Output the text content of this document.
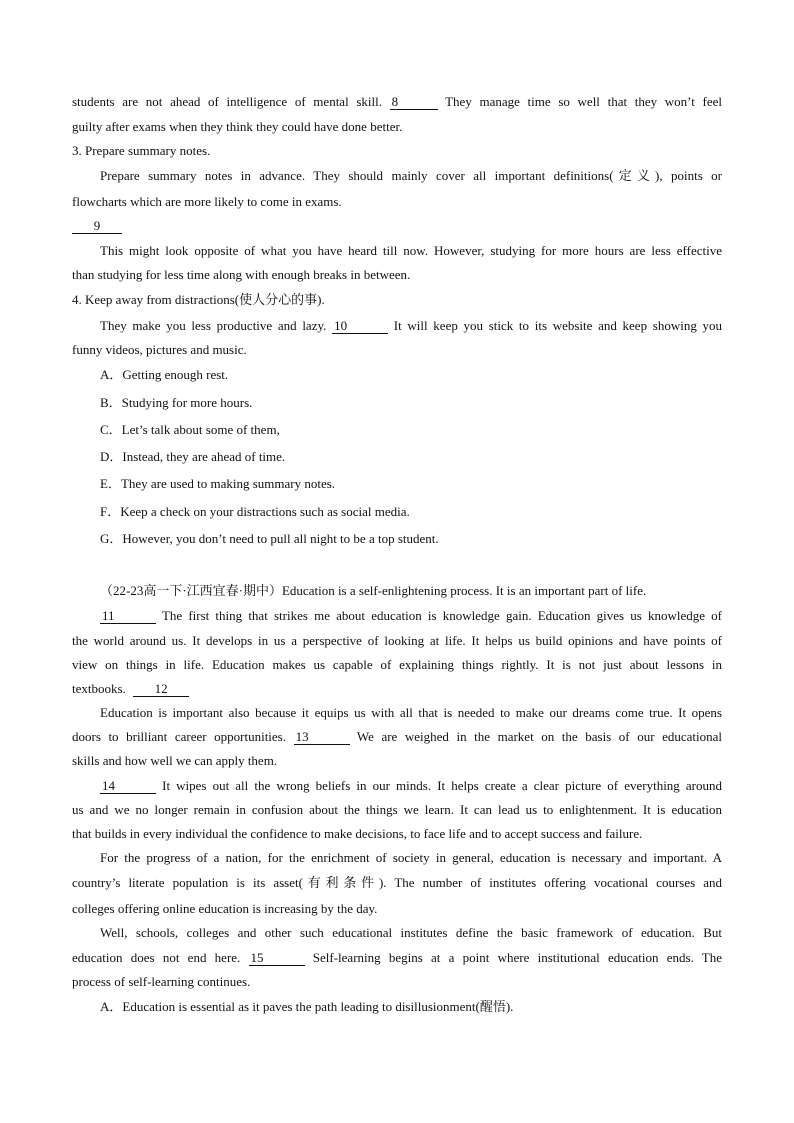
students are not ahead of intelligence of mental skill. 8	They manage time so well that they won’t feel
guilty after exams when they think they could have done better.
3. Prepare summary notes.
Prepare summary notes in advance. They should mainly cover all important definitions(定义), points or
flowcharts which are more likely to come in exams.
9
This might look opposite of what you have heard till now. However, studying for more hours are less effective
than studying for less time along with enough breaks in between.
4. Keep away from distractions(使人分心的事).
They make you less productive and lazy. 10	It will keep you stick to its website and keep showing you
funny videos, pictures and music.
A．Getting enough rest.
B．Studying for more hours.
C．Let’s talk about some of them,
D．Instead, they are ahead of time.
E．They are used to making summary notes.
F．Keep a check on your distractions such as social media.
G．However, you don’t need to pull all night to be a top student.
（22-23高一下·江西宜春·期中）Education is a self-enlightening process. It is an important part of life.
11	The first thing that strikes me about education is knowledge gain. Education gives us knowledge of
the world around us. It develops in us a perspective of looking at life. It helps us build opinions and have points of
view on things in life. Education makes us capable of explaining things rightly. It is not just about lessons in
textbooks. 12
Education is important also because it equips us with all that is needed to make our dreams come true. It opens
doors to brilliant career opportunities. 13	We are weighed in the market on the basis of our educational
skills and how well we can apply them.
14	It wipes out all the wrong beliefs in our minds. It helps create a clear picture of everything around
us and we no longer remain in confusion about the things we learn. It can lead us to enlightenment. It is education
that builds in every individual the confidence to make decisions, to face life and to accept success and failure.
For the progress of a nation, for the enrichment of society in general, education is necessary and important. A
country’s literate population is its asset(有利条件). The number of institutes offering vocational courses and
colleges offering online education is increasing by the day.
Well, schools, colleges and other such educational institutes define the basic framework of education. But
education does not end here. 15	Self-learning begins at a point where institutional education ends. The
process of self-learning continues.
A．Education is essential as it paves the path leading to disillusionment(醒悟).
